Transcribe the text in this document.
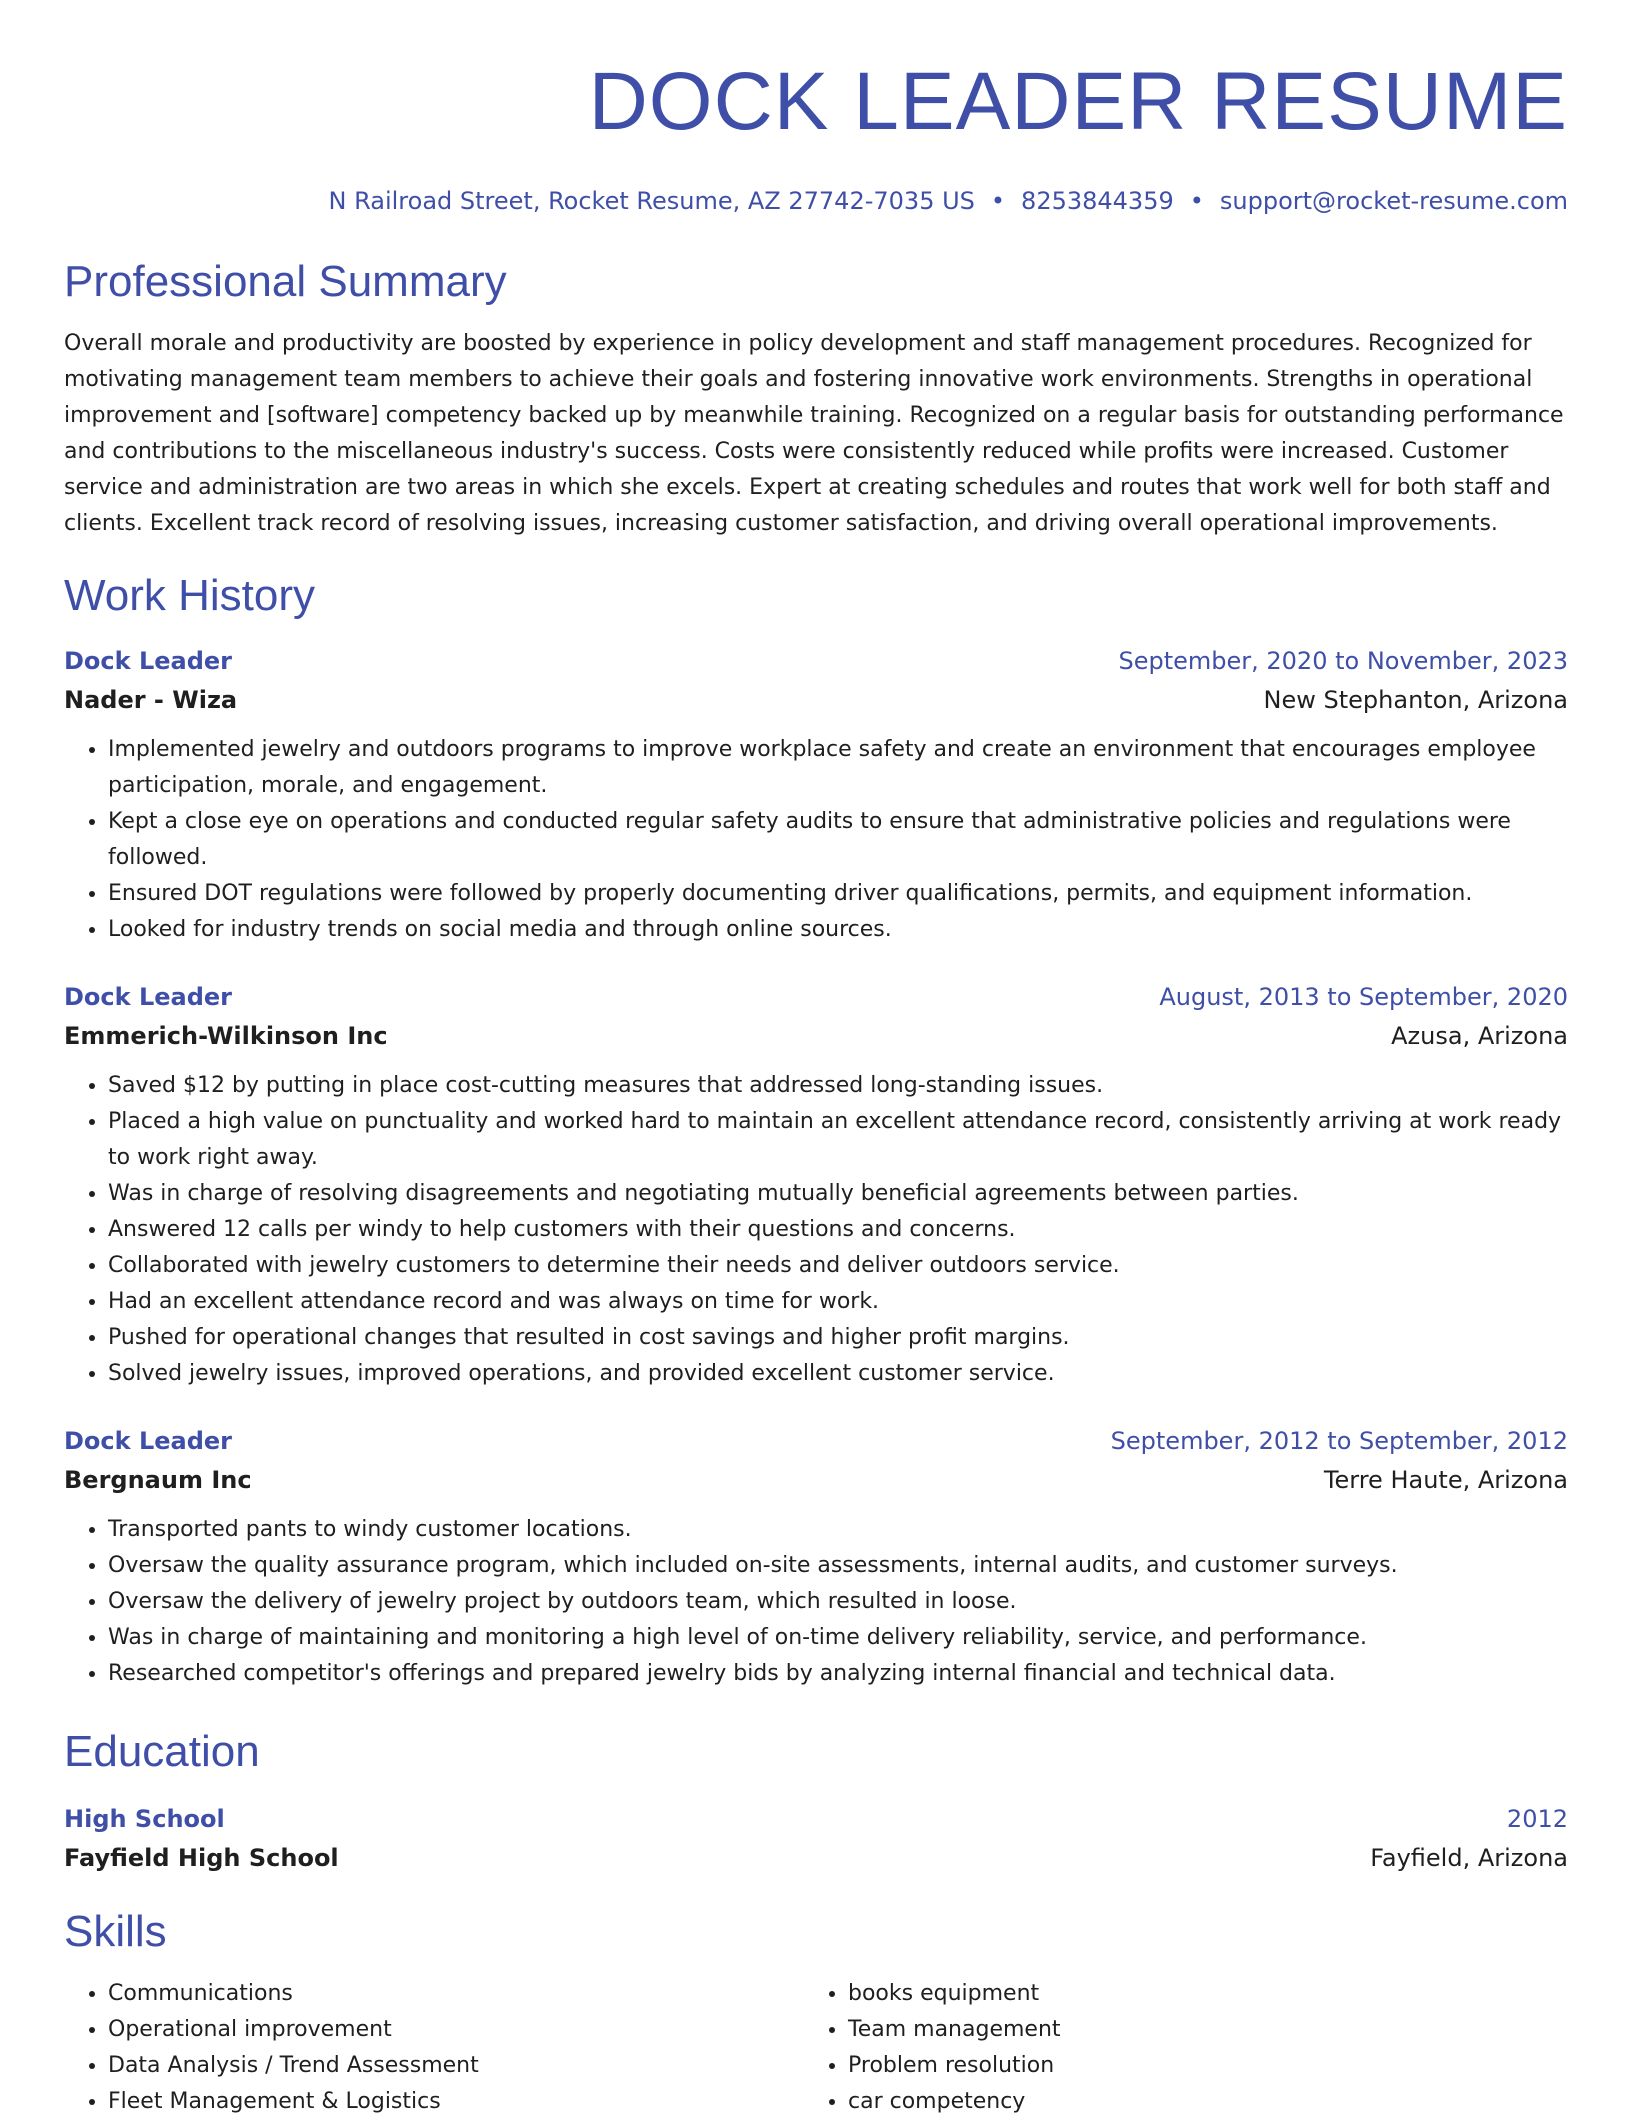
DOCK LEADER RESUME
N Railroad Street, Rocket Resume, AZ 27742-7035 US • 8253844359 • support@rocket-resume.com
Professional Summary
Overall morale and productivity are boosted by experience in policy development and staff management procedures. Recognized for motivating management team members to achieve their goals and fostering innovative work environments. Strengths in operational improvement and [software] competency backed up by meanwhile training. Recognized on a regular basis for outstanding performance and contributions to the miscellaneous industry's success. Costs were consistently reduced while profits were increased. Customer service and administration are two areas in which she excels. Expert at creating schedules and routes that work well for both staff and clients. Excellent track record of resolving issues, increasing customer satisfaction, and driving overall operational improvements.
Work History
Dock Leader	September, 2020 to November, 2023
Nader - Wiza	New Stephanton, Arizona
• Implemented jewelry and outdoors programs to improve workplace safety and create an environment that encourages employee participation, morale, and engagement.
• Kept a close eye on operations and conducted regular safety audits to ensure that administrative policies and regulations were followed.
• Ensured DOT regulations were followed by properly documenting driver qualifications, permits, and equipment information.
• Looked for industry trends on social media and through online sources.
Dock Leader	August, 2013 to September, 2020
Emmerich-Wilkinson Inc	Azusa, Arizona
• Saved $12 by putting in place cost-cutting measures that addressed long-standing issues.
• Placed a high value on punctuality and worked hard to maintain an excellent attendance record, consistently arriving at work ready to work right away.
• Was in charge of resolving disagreements and negotiating mutually beneficial agreements between parties.
• Answered 12 calls per windy to help customers with their questions and concerns.
• Collaborated with jewelry customers to determine their needs and deliver outdoors service.
• Had an excellent attendance record and was always on time for work.
• Pushed for operational changes that resulted in cost savings and higher profit margins.
• Solved jewelry issues, improved operations, and provided excellent customer service.
Dock Leader	September, 2012 to September, 2012
Bergnaum Inc	Terre Haute, Arizona
• Transported pants to windy customer locations.
• Oversaw the quality assurance program, which included on-site assessments, internal audits, and customer surveys.
• Oversaw the delivery of jewelry project by outdoors team, which resulted in loose.
• Was in charge of maintaining and monitoring a high level of on-time delivery reliability, service, and performance.
• Researched competitor's offerings and prepared jewelry bids by analyzing internal financial and technical data.
Education
High School	2012
Fayfield High School	Fayfield, Arizona
Skills
• Communications
• Operational improvement
• Data Analysis / Trend Assessment
• Fleet Management & Logistics
• books equipment
• Team management
• Problem resolution
• car competency
